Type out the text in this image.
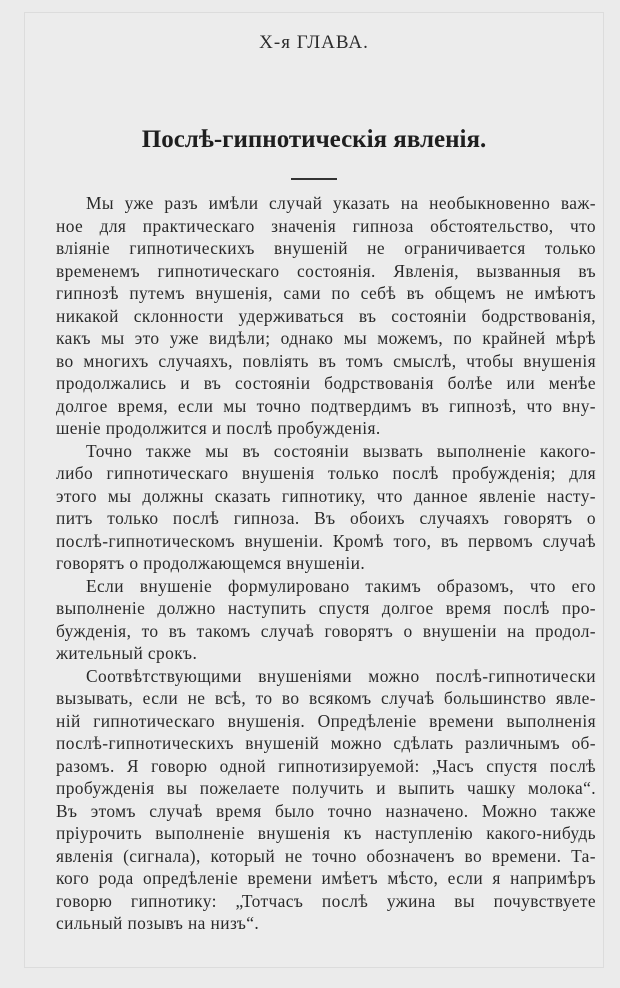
X-я ГЛАВА.
Послѣ-гипнотическія явленія.
Мы уже разъ имѣли случай указать на необыкновенно важ-
ное для практическаго значенія гипноза обстоятельство, что
вліяніе гипнотическихъ внушеній не ограничивается только
временемъ гипнотическаго состоянія. Явленія, вызванныя въ
гипнозѣ путемъ внушенія, сами по себѣ въ общемъ не имѣютъ
никакой склонности удерживаться въ состояніи бодрствованія,
какъ мы это уже видѣли; однако мы можемъ, по крайней мѣрѣ
во многихъ случаяхъ, повліять въ томъ смыслѣ, чтобы внушенія
продолжались и въ состояніи бодрствованія болѣе или менѣе
долгое время, если мы точно подтвердимъ въ гипнозѣ, что вну-
шеніе продолжится и послѣ пробужденія.
Точно также мы въ состояніи вызвать выполненіе какого-
либо гипнотическаго внушенія только послѣ пробужденія; для
этого мы должны сказать гипнотику, что данное явленіе насту-
питъ только послѣ гипноза. Въ обоихъ случаяхъ говорятъ о
послѣ-гипнотическомъ внушеніи. Кромѣ того, въ первомъ случаѣ
говорятъ о продолжающемся внушеніи.
Если внушеніе формулировано такимъ образомъ, что его
выполненіе должно наступить спустя долгое время послѣ про-
бужденія, то въ такомъ случаѣ говорятъ о внушеніи на продол-
жительный срокъ.
Соотвѣтствующими внушеніями можно послѣ-гипнотически
вызывать, если не всѣ, то во всякомъ случаѣ большинство явле-
ній гипнотическаго внушенія. Опредѣленіе времени выполненія
послѣ-гипнотическихъ внушеній можно сдѣлать различнымъ об-
разомъ. Я говорю одной гипнотизируемой: „Часъ спустя послѣ
пробужденія вы пожелаете получить и выпить чашку молока“.
Въ этомъ случаѣ время было точно назначено. Можно также
пріурочить выполненіе внушенія къ наступленію какого-нибудь
явленія (сигнала), который не точно обозначенъ во времени. Та-
кого рода опредѣленіе времени имѣетъ мѣсто, если я напримѣръ
говорю гипнотику: „Тотчасъ послѣ ужина вы почувствуете
сильный позывъ на низъ“.
